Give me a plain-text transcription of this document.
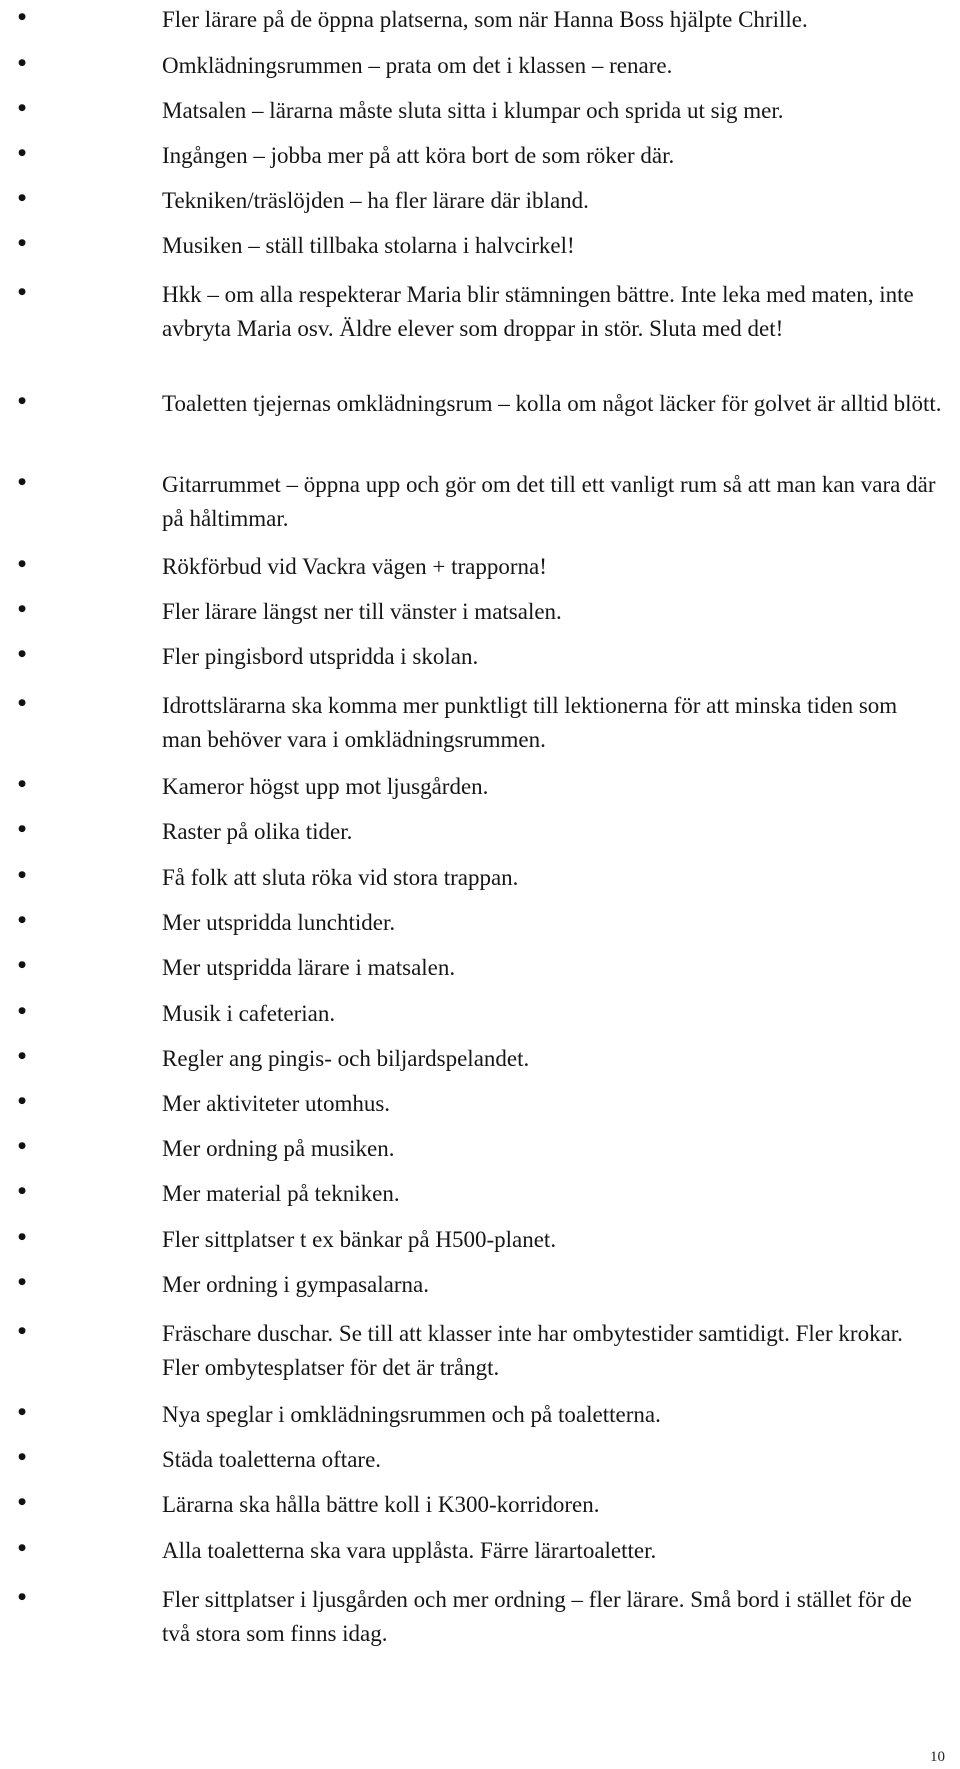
●	Fler lärare på de öppna platserna, som när Hanna Boss hjälpte Chrille.

●	Omklädningsrummen – prata om det i klassen – renare.

●	Matsalen – lärarna måste sluta sitta i klumpar och sprida ut sig mer.

●	Ingången – jobba mer på att köra bort de som röker där.

●	Tekniken/träslöjden – ha fler lärare där ibland.

●	Musiken – ställ tillbaka stolarna i halvcirkel!

●	Hkk – om alla respekterar Maria blir stämningen bättre. Inte leka med maten, inte avbryta Maria osv. Äldre elever som droppar in stör. Sluta med det!

●	Toaletten tjejernas omklädningsrum – kolla om något läcker för golvet är alltid blött.

●	Gitarrummet – öppna upp och gör om det till ett vanligt rum så att man kan vara där på håltimmar.

●	Rökförbud vid Vackra vägen + trapporna!

●	Fler lärare längst ner till vänster i matsalen.

●	Fler pingisbord utspridda i skolan.

●	Idrottslärarna ska komma mer punktligt till lektionerna för att minska tiden som man behöver vara i omklädningsrummen.

●	Kameror högst upp mot ljusgården.

●	Raster på olika tider.

●	Få folk att sluta röka vid stora trappan.

●	Mer utspridda lunchtider.

●	Mer utspridda lärare i matsalen.

●	Musik i cafeterian.

●	Regler ang pingis- och biljardspelandet.

●	Mer aktiviteter utomhus.

●	Mer ordning på musiken.

●	Mer material på tekniken.

●	Fler sittplatser t ex bänkar på H500-planet.

●	Mer ordning i gympasalarna.

●	Fräschare duschar. Se till att klasser inte har ombytestider samtidigt. Fler krokar. Fler ombytesplatser för det är trångt.

●	Nya speglar i omklädningsrummen och på toaletterna.

●	Städa toaletterna oftare.

●	Lärarna ska hålla bättre koll i K300-korridoren.

●	Alla toaletterna ska vara upplåsta. Färre lärartoaletter.

●	Fler sittplatser i ljusgården och mer ordning – fler lärare. Små bord i stället för de två stora som finns idag.

10
